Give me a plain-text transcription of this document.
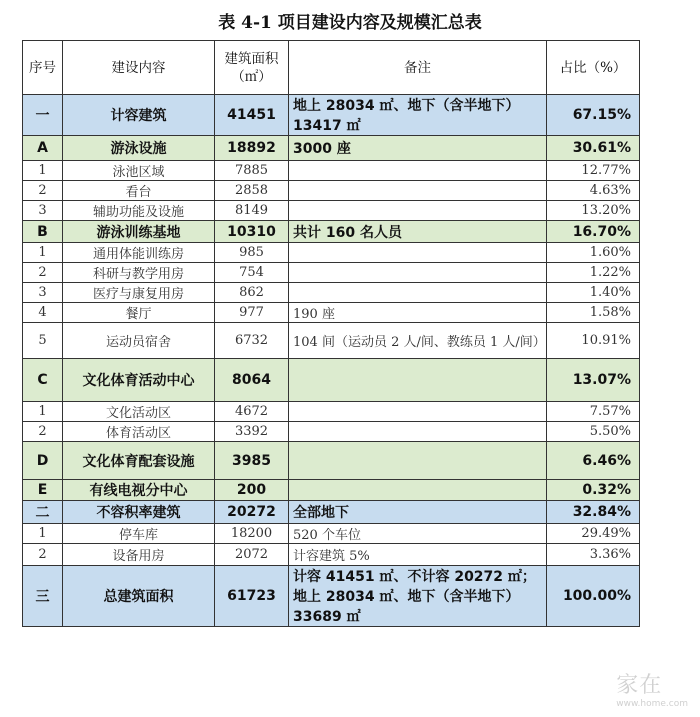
表 4-1 项目建设内容及规模汇总表
序号	建设内容	建筑面积（㎡）	备注	占比（%）
一	计容建筑	41451	地上 28034 ㎡、地下（含半地下）13417 ㎡	67.15%
A	游泳设施	18892	3000 座	30.61%
1	泳池区域	7885		12.77%
2	看台	2858		4.63%
3	辅助功能及设施	8149		13.20%
B	游泳训练基地	10310	共计 160 名人员	16.70%
1	通用体能训练房	985		1.60%
2	科研与教学用房	754		1.22%
3	医疗与康复用房	862		1.40%
4	餐厅	977	190 座	1.58%
5	运动员宿舍	6732	104 间（运动员 2 人/间、教练员 1 人/间）	10.91%
C	文化体育活动中心	8064		13.07%
1	文化活动区	4672		7.57%
2	体育活动区	3392		5.50%
D	文化体育配套设施	3985		6.46%
E	有线电视分中心	200		0.32%
二	不容积率建筑	20272	全部地下	32.84%
1	停车库	18200	520 个车位	29.49%
2	设备用房	2072	计容建筑 5%	3.36%
三	总建筑面积	61723	计容 41451 ㎡、不计容 20272 ㎡；地上 28034 ㎡、地下（含半地下）33689 ㎡	100.00%
家在
www.home.com
